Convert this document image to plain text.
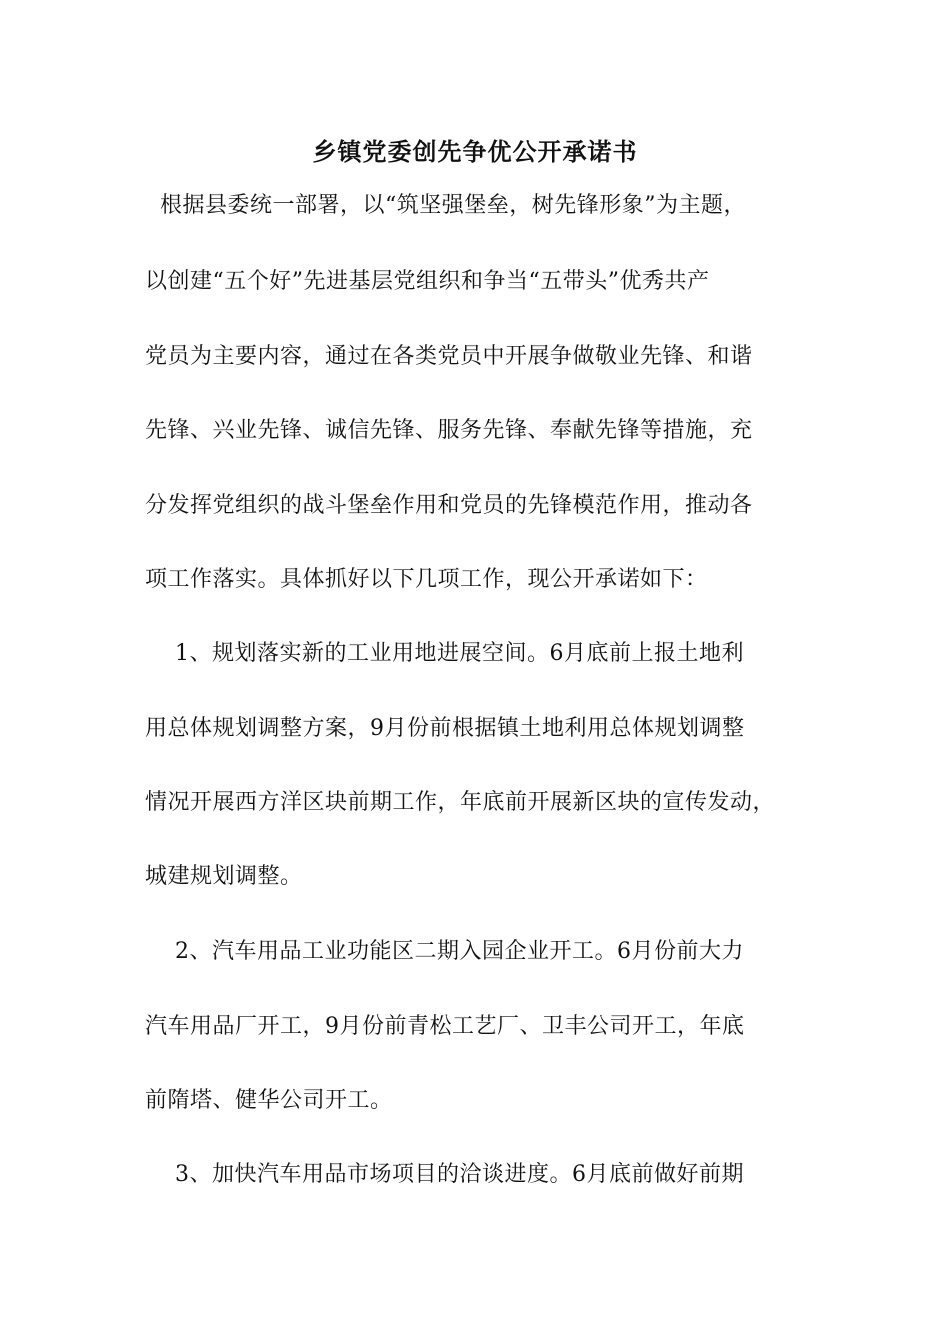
乡镇党委创先争优公开承诺书
根据县委统一部署，以“筑坚强堡垒，树先锋形象”为主题，
以创建“五个好”先进基层党组织和争当“五带头”优秀共产
党员为主要内容，通过在各类党员中开展争做敬业先锋、和谐
先锋、兴业先锋、诚信先锋、服务先锋、奉献先锋等措施，充
分发挥党组织的战斗堡垒作用和党员的先锋模范作用，推动各
项工作落实。具体抓好以下几项工作，现公开承诺如下：
1、规划落实新的工业用地进展空间。6月底前上报土地利
用总体规划调整方案，9月份前根据镇土地利用总体规划调整
情况开展西方洋区块前期工作，年底前开展新区块的宣传发动，
城建规划调整。
2、汽车用品工业功能区二期入园企业开工。6月份前大力
汽车用品厂开工，9月份前青松工艺厂、卫丰公司开工，年底
前隋塔、健华公司开工。
3、加快汽车用品市场项目的洽谈进度。6月底前做好前期
